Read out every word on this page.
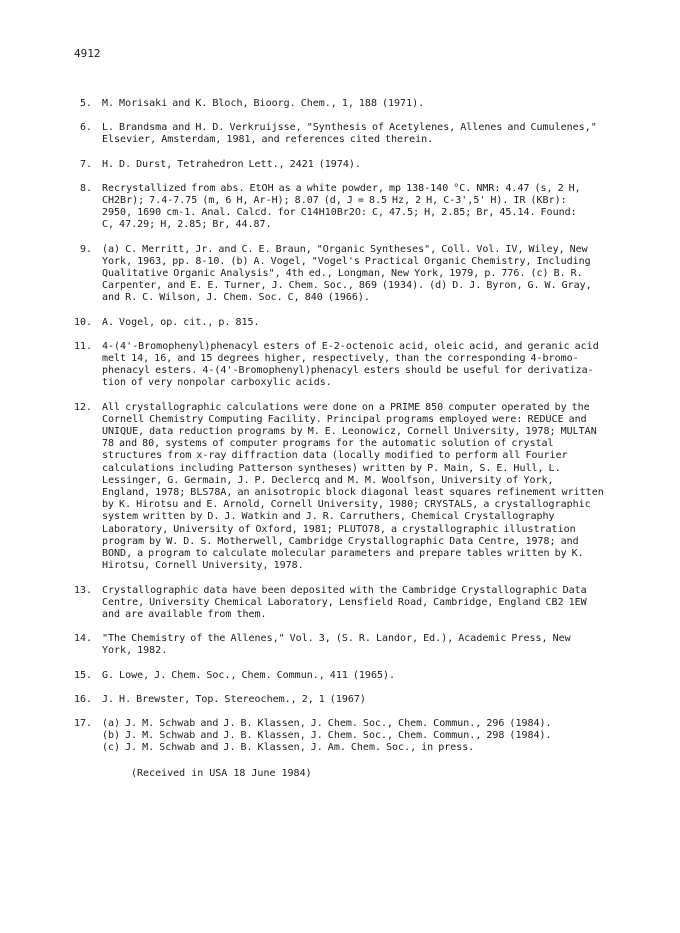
4912
5.	M. Morisaki and K. Bloch, Bioorg. Chem., 1, 188 (1971).
6.	L. Brandsma and H. D. Verkruijsse, "Synthesis of Acetylenes, Allenes and Cumulenes,"
Elsevier, Amsterdam, 1981, and references cited therein.
7.	H. D. Durst, Tetrahedron Lett., 2421 (1974).
8.	Recrystallized from abs. EtOH as a white powder, mp 138-140 °C. NMR: 4.47 (s, 2 H,
CH2Br); 7.4-7.75 (m, 6 H, Ar-H); 8.07 (d, J = 8.5 Hz, 2 H, C-3',5' H). IR (KBr):
2950, 1690 cm-1. Anal. Calcd. for C14H10Br2O: C, 47.5; H, 2.85; Br, 45.14. Found:
C, 47.29; H, 2.85; Br, 44.87.
9.	(a) C. Merritt, Jr. and C. E. Braun, "Organic Syntheses", Coll. Vol. IV, Wiley, New
York, 1963, pp. 8-10. (b) A. Vogel, "Vogel's Practical Organic Chemistry, Including
Qualitative Organic Analysis", 4th ed., Longman, New York, 1979, p. 776. (c) B. R.
Carpenter, and E. E. Turner, J. Chem. Soc., 869 (1934). (d) D. J. Byron, G. W. Gray,
and R. C. Wilson, J. Chem. Soc. C, 840 (1966).
10.	A. Vogel, op. cit., p. 815.
11.	4-(4'-Bromophenyl)phenacyl esters of E-2-octenoic acid, oleic acid, and geranic acid
melt 14, 16, and 15 degrees higher, respectively, than the corresponding 4-bromo-
phenacyl esters. 4-(4'-Bromophenyl)phenacyl esters should be useful for derivatiza-
tion of very nonpolar carboxylic acids.
12.	All crystallographic calculations were done on a PRIME 850 computer operated by the
Cornell Chemistry Computing Facility. Principal programs employed were: REDUCE and
UNIQUE, data reduction programs by M. E. Leonowicz, Cornell University, 1978; MULTAN
78 and 80, systems of computer programs for the automatic solution of crystal
structures from x-ray diffraction data (locally modified to perform all Fourier
calculations including Patterson syntheses) written by P. Main, S. E. Hull, L.
Lessinger, G. Germain, J. P. Declercq and M. M. Woolfson, University of York,
England, 1978; BLS78A, an anisotropic block diagonal least squares refinement written
by K. Hirotsu and E. Arnold, Cornell University, 1980; CRYSTALS, a crystallographic
system written by D. J. Watkin and J. R. Carruthers, Chemical Crystallography
Laboratory, University of Oxford, 1981; PLUTO78, a crystallographic illustration
program by W. D. S. Motherwell, Cambridge Crystallographic Data Centre, 1978; and
BOND, a program to calculate molecular parameters and prepare tables written by K.
Hirotsu, Cornell University, 1978.
13.	Crystallographic data have been deposited with the Cambridge Crystallographic Data
Centre, University Chemical Laboratory, Lensfield Road, Cambridge, England CB2 1EW
and are available from them.
14.	"The Chemistry of the Allenes," Vol. 3, (S. R. Landor, Ed.), Academic Press, New
York, 1982.
15.	G. Lowe, J. Chem. Soc., Chem. Commun., 411 (1965).
16.	J. H. Brewster, Top. Stereochem., 2, 1 (1967)
17.	(a) J. M. Schwab and J. B. Klassen, J. Chem. Soc., Chem. Commun., 296 (1984).
(b) J. M. Schwab and J. B. Klassen, J. Chem. Soc., Chem. Commun., 298 (1984).
(c) J. M. Schwab and J. B. Klassen, J. Am. Chem. Soc., in press.
(Received in USA 18 June 1984)
